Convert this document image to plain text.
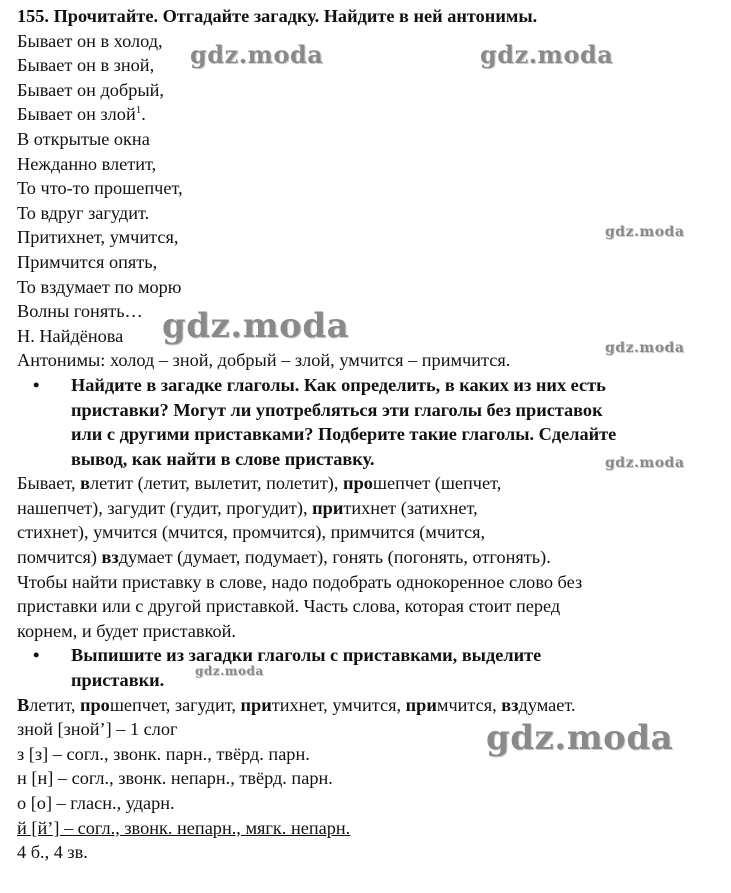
155. Прочитайте. Отгадайте загадку. Найдите в ней антонимы.
Бывает он в холод,
Бывает он в зной,
Бывает он добрый,
Бывает он злой$^1$.
В открытые окна
Нежданно влетит,
То что-то прошепчет,
То вдруг загудит.
Притихнет, умчится,
Примчится опять,
То вздумает по морю
Волны гонять…
Н. Найдёнова
Антонимы: холод – зной, добрый – злой, умчится – примчится.
• Найдите в загадке глаголы. Как определить, в каких из них есть
приставки? Могут ли употребляться эти глаголы без приставок
или с другими приставками? Подберите такие глаголы. Сделайте
вывод, как найти в слове приставку.
Бывает, влетит (летит, вылетит, полетит), прошепчет (шепчет,
нашепчет), загудит (гудит, прогудит), притихнет (затихнет,
стихнет), умчится (мчится, промчится), примчится (мчится,
помчится) вздумает (думает, подумает), гонять (погонять, отгонять).
Чтобы найти приставку в слове, надо подобрать однокоренное слово без
приставки или с другой приставкой. Часть слова, которая стоит перед
корнем, и будет приставкой.
• Выпишите из загадки глаголы с приставками, выделите
приставки.
Влетит, прошепчет, загудит, притихнет, умчится, примчится, вздумает.
зной [зной’] – 1 слог
з [з] – согл., звонк. парн., твёрд. парн.
н [н] – согл., звонк. непарн., твёрд. парн.
о [о] – гласн., ударн.
й [й’] – согл., звонк. непарн., мягк. непарн.
4 б., 4 зв.
gdz.moda	gdz.moda
gdz.moda
gdz.moda
gdz.moda
gdz.moda
gdz.moda
gdz.moda
